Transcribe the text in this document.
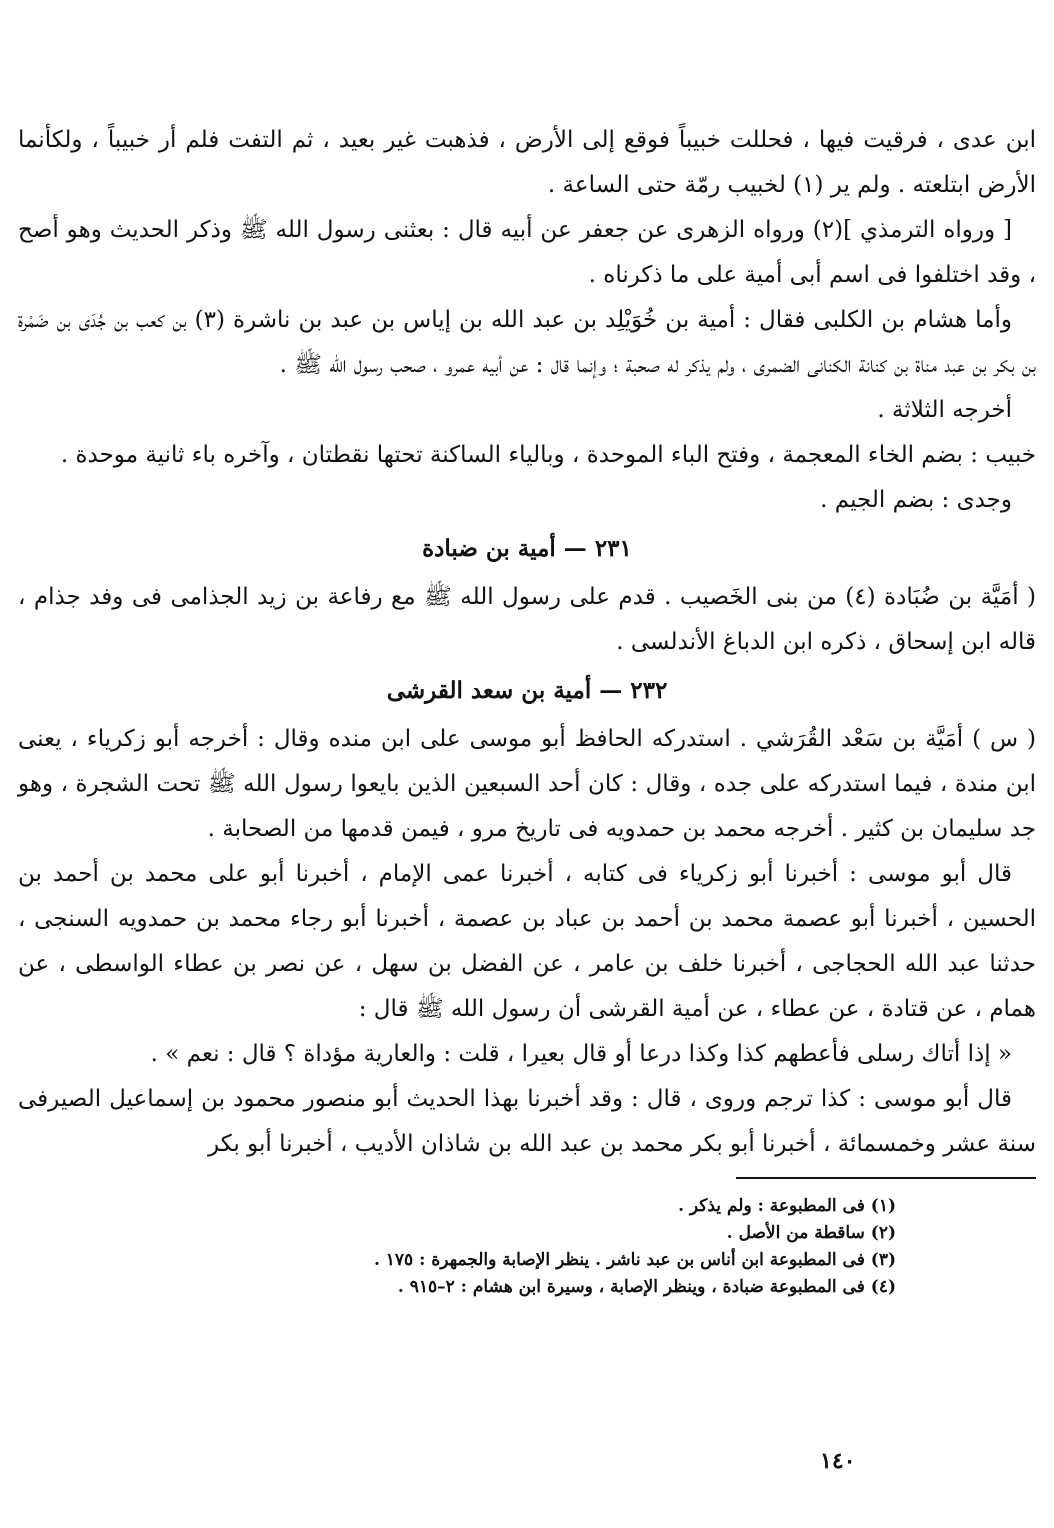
ابن عدى ، فرقيت فيها ، فحللت خبيباً فوقع إلى الأرض ، فذهبت غير بعيد ، ثم التفت فلم أر خبيباً ، ولكأنما الأرض ابتلعته . ولم ير (١) لخبيب رمّة حتى الساعة .

[ ورواه الترمذي ](٢) ورواه الزهرى عن جعفر عن أبيه قال : بعثنى رسول الله ﷺ وذكر الحديث وهو أصح ، وقد اختلفوا فى اسم أبى أمية على ما ذكرناه .

وأما هشام بن الكلبى فقال : أمية بن خُوَيْلِد بن عبد الله بن إياس بن عبد بن ناشرة (٣) بن كعب بن جُدَى بن ضَمْرة بن بكر بن عبد مناة بن كنانة الكنانى الضمرى ، ولم يذكر له صحبة ؛ وإنما قال : عن أبيه عمرو ، صحب رسول الله ﷺ .

أخرجه الثلاثة .

خبيب : بضم الخاء المعجمة ، وفتح الباء الموحدة ، وبالياء الساكنة تحتها نقطتان ، وآخره باء ثانية موحدة .

وجدى : بضم الجيم .

٢٣١ — أمية بن ضبادة

( أمَيَّة بن ضُبَادة (٤) من بنى الخَصيب . قدم على رسول الله ﷺ مع رفاعة بن زيد الجذامى فى وفد جذام ، قاله ابن إسحاق ، ذكره ابن الدباغ الأندلسى .

٢٣٢ — أمية بن سعد القرشى

( س ) أمَيَّة بن سَعْد القُرَشي . استدركه الحافظ أبو موسى على ابن منده وقال : أخرجه أبو زكرياء ، يعنى ابن مندة ، فيما استدركه على جده ، وقال : كان أحد السبعين الذين بايعوا رسول الله ﷺ تحت الشجرة ، وهو جد سليمان بن كثير . أخرجه محمد بن حمدويه فى تاريخ مرو ، فيمن قدمها من الصحابة .

قال أبو موسى : أخبرنا أبو زكرياء فى كتابه ، أخبرنا عمى الإمام ، أخبرنا أبو على محمد بن أحمد بن الحسين ، أخبرنا أبو عصمة محمد بن أحمد بن عباد بن عصمة ، أخبرنا أبو رجاء محمد بن حمدويه السنجى ، حدثنا عبد الله الحجاجى ، أخبرنا خلف بن عامر ، عن الفضل بن سهل ، عن نصر بن عطاء الواسطى ، عن همام ، عن قتادة ، عن عطاء ، عن أمية القرشى أن رسول الله ﷺ قال :

« إذا أتاك رسلى فأعطهم كذا وكذا درعا أو قال بعيرا ، قلت : والعارية مؤداة ؟ قال : نعم » .

قال أبو موسى : كذا ترجم وروى ، قال : وقد أخبرنا بهذا الحديث أبو منصور محمود بن إسماعيل الصيرفى سنة عشر وخمسمائة ، أخبرنا أبو بكر محمد بن عبد الله بن شاذان الأديب ، أخبرنا أبو بكر

(١) فى المطبوعة : ولم يذكر .
(٢) ساقطة من الأصل .
(٣) فى المطبوعة ابن أناس بن عبد ناشر . ينظر الإصابة والجمهرة : ١٧٥ .
(٤) فى المطبوعة ضبادة ، وينظر الإصابة ، وسيرة ابن هشام : ٢–٩١٥ .
١٤٠
